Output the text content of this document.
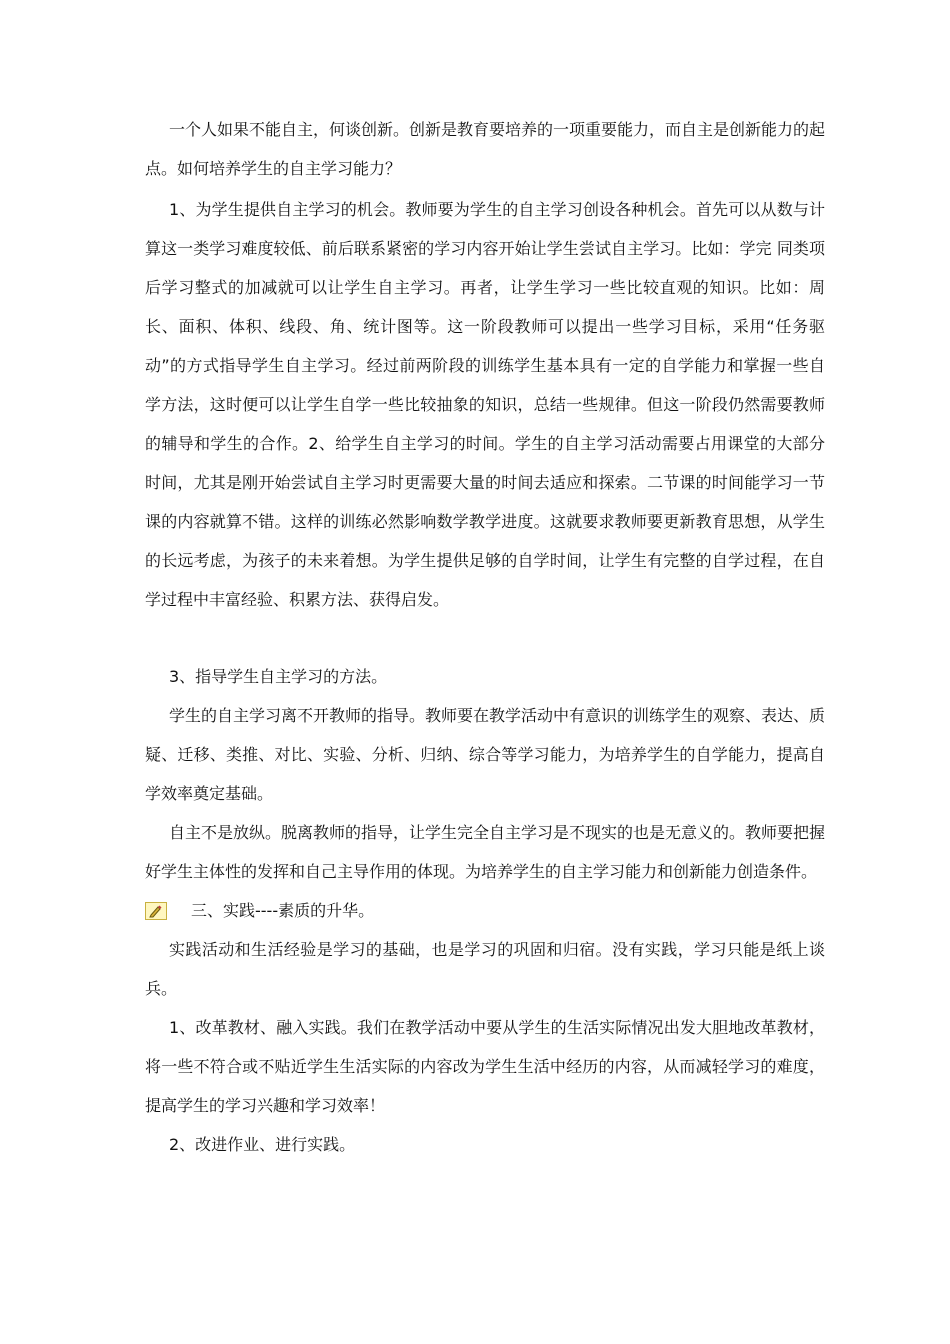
一个人如果不能自主，何谈创新。创新是教育要培养的一项重要能力，而自主是创新能力的起点。如何培养学生的自主学习能力？

1、为学生提供自主学习的机会。教师要为学生的自主学习创设各种机会。首先可以从数与计算这一类学习难度较低、前后联系紧密的学习内容开始让学生尝试自主学习。比如：学完 同类项后学习整式的加减就可以让学生自主学习。再者，让学生学习一些比较直观的知识。比如：周长、面积、体积、线段、角、统计图等。这一阶段教师可以提出一些学习目标，采用“任务驱动”的方式指导学生自主学习。经过前两阶段的训练学生基本具有一定的自学能力和掌握一些自学方法，这时便可以让学生自学一些比较抽象的知识，总结一些规律。但这一阶段仍然需要教师的辅导和学生的合作。2、给学生自主学习的时间。学生的自主学习活动需要占用课堂的大部分时间，尤其是刚开始尝试自主学习时更需要大量的时间去适应和探索。二节课的时间能学习一节课的内容就算不错。这样的训练必然影响数学教学进度。这就要求教师要更新教育思想，从学生的长远考虑，为孩子的未来着想。为学生提供足够的自学时间，让学生有完整的自学过程，在自学过程中丰富经验、积累方法、获得启发。

3、指导学生自主学习的方法。

学生的自主学习离不开教师的指导。教师要在教学活动中有意识的训练学生的观察、表达、质疑、迁移、类推、对比、实验、分析、归纳、综合等学习能力，为培养学生的自学能力，提高自学效率奠定基础。

自主不是放纵。脱离教师的指导，让学生完全自主学习是不现实的也是无意义的。教师要把握好学生主体性的发挥和自己主导作用的体现。为培养学生的自主学习能力和创新能力创造条件。

三、实践----素质的升华。

实践活动和生活经验是学习的基础，也是学习的巩固和归宿。没有实践，学习只能是纸上谈兵。

1、改革教材、融入实践。我们在教学活动中要从学生的生活实际情况出发大胆地改革教材，将一些不符合或不贴近学生生活实际的内容改为学生生活中经历的内容，从而减轻学习的难度，提高学生的学习兴趣和学习效率！

2、改进作业、进行实践。
